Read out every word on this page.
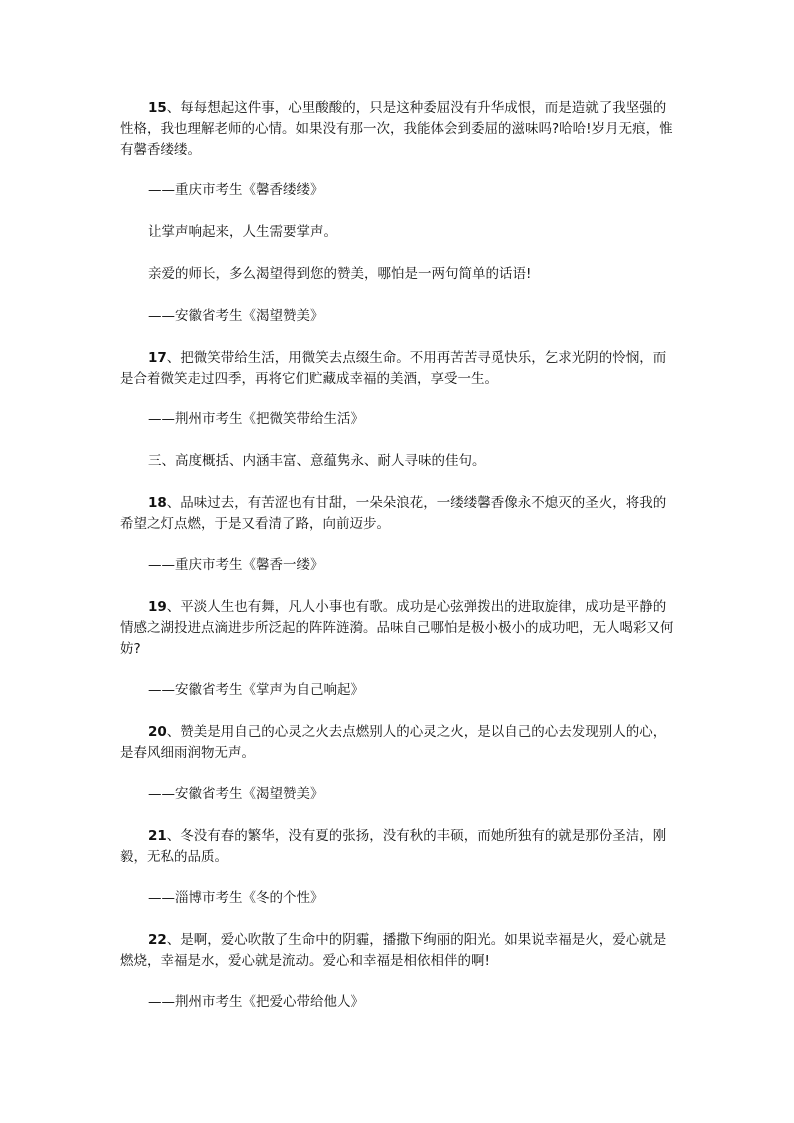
15、每每想起这件事，心里酸酸的，只是这种委屈没有升华成恨，而是造就了我坚强的性格，我也理解老师的心情。如果没有那一次，我能体会到委屈的滋味吗?哈哈!岁月无痕，惟有馨香缕缕。

——重庆市考生《馨香缕缕》

让掌声响起来，人生需要掌声。

亲爱的师长，多么渴望得到您的赞美，哪怕是一两句简单的话语!

——安徽省考生《渴望赞美》

17、把微笑带给生活，用微笑去点缀生命。不用再苦苦寻觅快乐，乞求光阴的怜悯，而是合着微笑走过四季，再将它们贮藏成幸福的美酒，享受一生。

——荆州市考生《把微笑带给生活》

三、高度概括、内涵丰富、意蕴隽永、耐人寻味的佳句。

18、品味过去，有苦涩也有甘甜，一朵朵浪花，一缕缕馨香像永不熄灭的圣火，将我的希望之灯点燃，于是又看清了路，向前迈步。

——重庆市考生《馨香一缕》

19、平淡人生也有舞，凡人小事也有歌。成功是心弦弹拨出的进取旋律，成功是平静的情感之湖投进点滴进步所泛起的阵阵涟漪。品味自己哪怕是极小极小的成功吧，无人喝彩又何妨?

——安徽省考生《掌声为自己响起》

20、赞美是用自己的心灵之火去点燃别人的心灵之火，是以自己的心去发现别人的心，是春风细雨润物无声。

——安徽省考生《渴望赞美》

21、冬没有春的繁华，没有夏的张扬，没有秋的丰硕，而她所独有的就是那份圣洁，刚毅，无私的品质。

——淄博市考生《冬的个性》

22、是啊，爱心吹散了生命中的阴霾，播撒下绚丽的阳光。如果说幸福是火，爱心就是燃烧，幸福是水，爱心就是流动。爱心和幸福是相依相伴的啊!

——荆州市考生《把爱心带给他人》
